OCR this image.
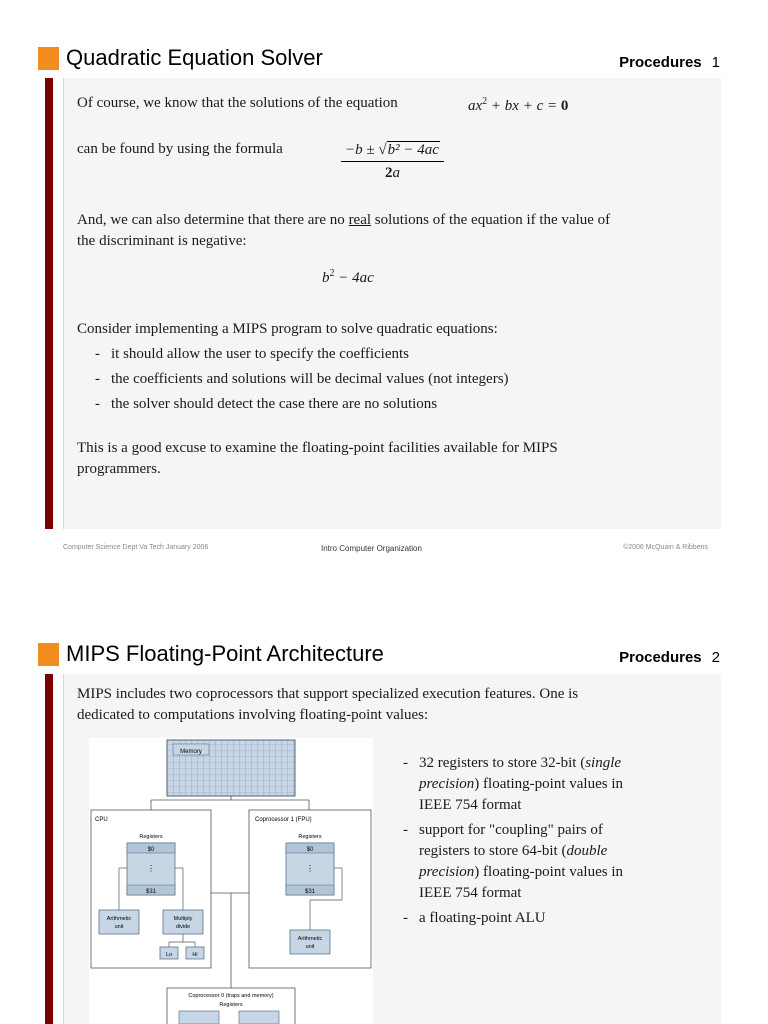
Quadratic Equation Solver	Procedures 1
Of course, we know that the solutions of the equation	$ax^2$ + bx + c = 0
can be found by using the formula	$\frac{\text{−b ± √b² − 4ac}}{2a}$
And, we can also determine that there are no real solutions of the equation if the value of
the discriminant is negative:
$b^2 - 4ac$
Consider implementing a MIPS program to solve quadratic equations:
- it should allow the user to specify the coefficients
- the coefficients and solutions will be decimal values (not integers)
- the solver should detect the case there are no solutions
This is a good excuse to examine the floating-point facilities available for MIPS
programmers.
Computer Science Dept Va Tech January 2006	Intro Computer Organization	©2006 McQuain & Ribbens
MIPS Floating-Point Architecture	Procedures 2
MIPS includes two coprocessors that support specialized execution features. One is
dedicated to computations involving floating-point values:
Memory
CPU
Registers
$0
⋮
$31
Arithmetic
unit
Multiply
divide
Lo	Hi
Coprocessor 1 (FPU)
Registers
$0
⋮
$31
Arithmetic
unit
Coprocessor 0 (traps and memory)
Registers
- 32 registers to store 32-bit (single
precision) floating-point values in
IEEE 754 format
- support for "coupling" pairs of
registers to store 64-bit (double
precision) floating-point values in
IEEE 754 format
- a floating-point ALU
